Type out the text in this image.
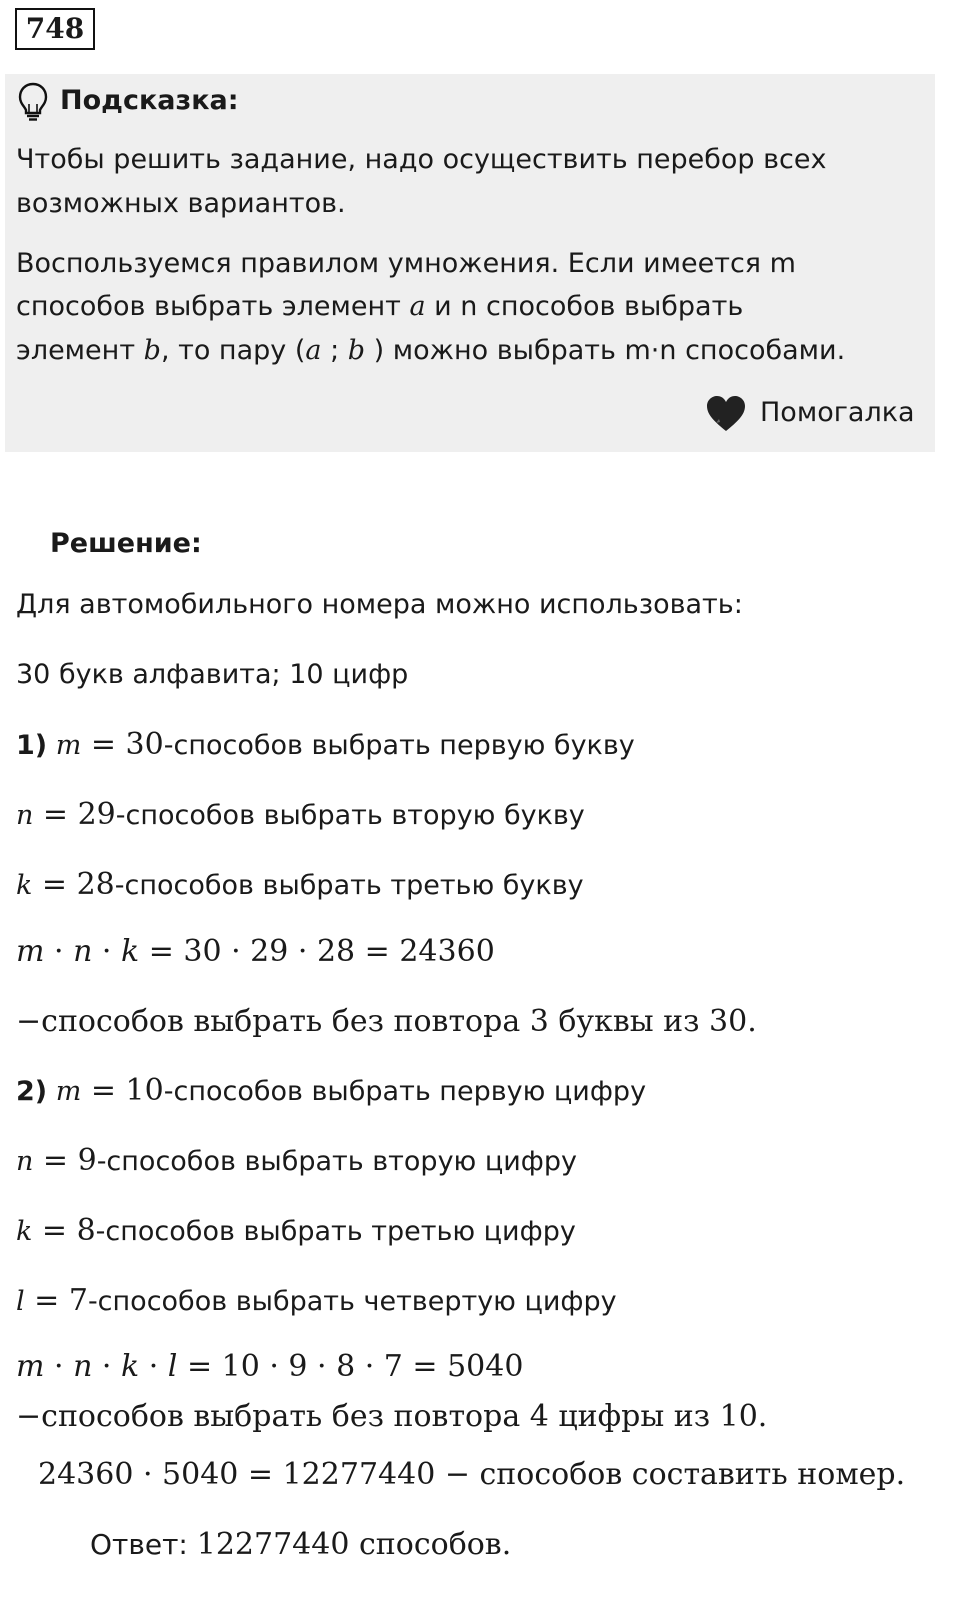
748
Подсказка:
Чтобы решить задание, надо осуществить перебор всех
возможных вариантов.
Воспользуемся правилом умножения. Если имеется m
способов выбрать элемент a и n способов выбрать
элемент b, то пару (a ; b ) можно выбрать m·n способами.
Помогалка
Решение:
Для автомобильного номера можно использовать:
30 букв алфавита; 10 цифр
1) m = 30-способов выбрать первую букву
n = 29-способов выбрать вторую букву
k = 28-способов выбрать третью букву
m · n · k = 30 · 29 · 28 = 24360
−способов выбрать без повтора 3 буквы из 30.
2) m = 10-способов выбрать первую цифру
n = 9-способов выбрать вторую цифру
k = 8-способов выбрать третью цифру
l = 7-способов выбрать четвертую цифру
m · n · k · l = 10 · 9 · 8 · 7 = 5040
−способов выбрать без повтора 4 цифры из 10.
24360 · 5040 = 12277440 − способов составить номер.
Ответ: 12277440 способов.
